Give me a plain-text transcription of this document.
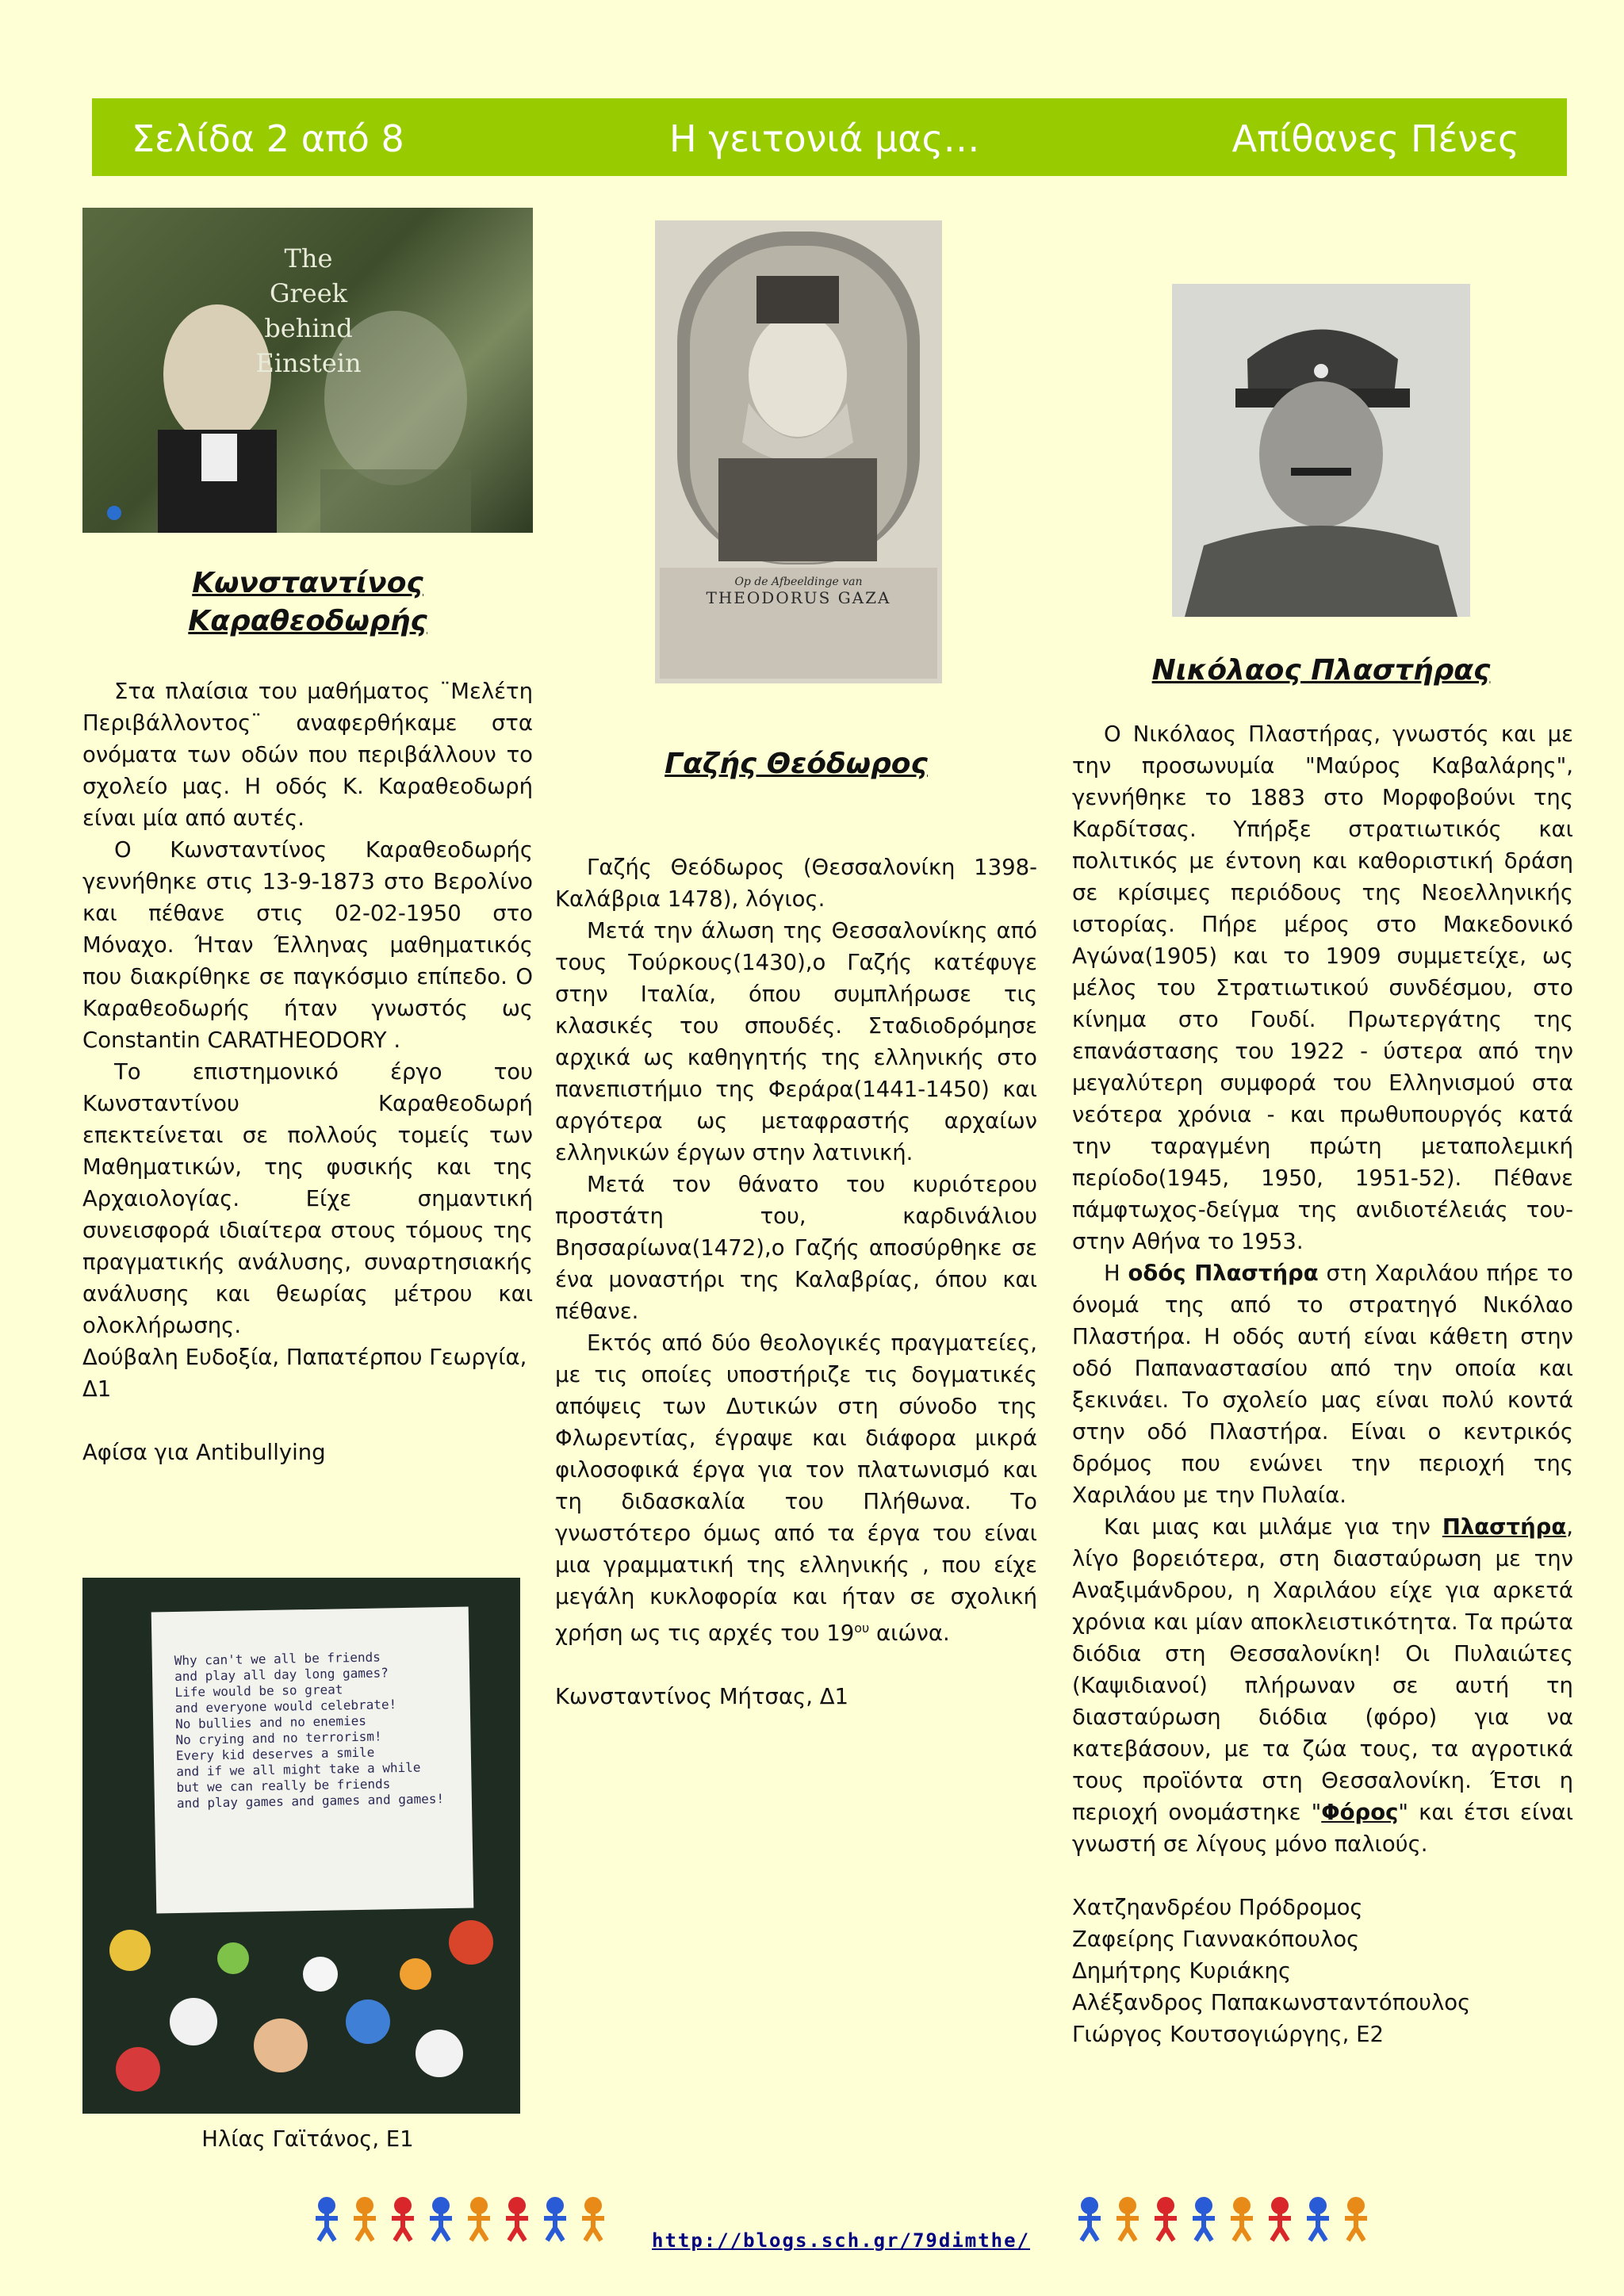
Σελίδα 2 από 8	Η γειτονιά μας…	Απίθανες Πένες
The Greek
behind
Einstein
Κωνσταντίνος
Καραθεοδωρής

Στα πλαίσια του μαθήματος ¨Μελέτη Περιβάλλοντος¨ αναφερθήκαμε στα ονόματα των οδών που περιβάλλουν το σχολείο μας. Η οδός Κ. Καραθεοδωρή είναι μία από αυτές.

Ο Κωνσταντίνος Καραθεοδωρής γεννήθηκε στις 13-9-1873 στο Βερολίνο και πέθανε στις 02-02-1950 στο Μόναχο. Ήταν Έλληνας μαθηματικός που διακρίθηκε σε παγκόσμιο επίπεδο. Ο Καραθεοδωρής ήταν γνωστός ως Constantin CARATHEODORY .

Το επιστημονικό έργο του Κωνσταντίνου Καραθεοδωρή επεκτείνεται σε πολλούς τομείς των Μαθηματικών, της φυσικής και της Αρχαιολογίας. Είχε σημαντική συνεισφορά ιδιαίτερα στους τόμους της πραγματικής ανάλυσης, συναρτησιακής ανάλυσης και θεωρίας μέτρου και ολοκλήρωσης.

Δούβαλη Ευδοξία, Παπατέρπου Γεωργία, Δ1

Αφίσα για Antibullying

Why can't we all be friends
and play all day long games?
Life would be so great
and everyone would celebrate!
No bullies and no enemies
No crying and no terrorism!
Every kid deserves a smile
and if we all might take a while
but we can really be friends
and play games and games and games!
Ηλίας Γαϊτάνος, Ε1
Op de Afbeeldinge van
THEODORUS GAZA
Γαζής Θεόδωρος

Γαζής Θεόδωρος (Θεσσαλονίκη 1398-Καλάβρια 1478), λόγιος.

Μετά την άλωση της Θεσσαλονίκης από τους Τούρκους(1430),ο Γαζής κατέφυγε στην Ιταλία, όπου συμπλήρωσε τις κλασικές του σπουδές. Σταδιοδρόμησε αρχικά ως καθηγητής της ελληνικής στο πανεπιστήμιο της Φεράρα(1441-1450) και αργότερα ως μεταφραστής αρχαίων ελληνικών έργων στην λατινική.

Μετά τον θάνατο του κυριότερου προστάτη του, καρδινάλιου Βησσαρίωνα(1472),ο Γαζής αποσύρθηκε σε ένα μοναστήρι της Καλαβρίας, όπου και πέθανε.

Εκτός από δύο θεολογικές πραγματείες, με τις οποίες υποστήριζε τις δογματικές απόψεις των Δυτικών στη σύνοδο της Φλωρεντίας, έγραψε και διάφορα μικρά φιλοσοφικά έργα για τον πλατωνισμό και τη διδασκαλία του Πλήθωνα. Το γνωστότερο όμως από τα έργα του είναι μια γραμματική της ελληνικής , που είχε μεγάλη κυκλοφορία και ήταν σε σχολική χρήση ως τις αρχές του $19^{o\upsilon}$ αιώνα.

Κωνσταντίνος Μήτσας, Δ1

Νικόλαος Πλαστήρας

Ο Νικόλαος Πλαστήρας, γνωστός και με την προσωνυμία "Μαύρος Καβαλάρης", γεννήθηκε το 1883 στο Μορφοβούνι της Καρδίτσας. Υπήρξε στρατιωτικός και πολιτικός με έντονη και καθοριστική δράση σε κρίσιμες περιόδους της Νεοελληνικής ιστορίας. Πήρε μέρος στο Μακεδονικό Αγώνα(1905) και το 1909 συμμετείχε, ως μέλος του Στρατιωτικού συνδέσμου, στο κίνημα στο Γουδί. Πρωτεργάτης της επανάστασης του 1922 - ύστερα από την μεγαλύτερη συμφορά του Ελληνισμού στα νεότερα χρόνια - και πρωθυπουργός κατά την ταραγμένη πρώτη μεταπολεμική περίοδο(1945, 1950, 1951-52). Πέθανε πάμφτωχος-δείγμα της ανιδιοτέλειάς του- στην Αθήνα το 1953.

Η οδός Πλαστήρα στη Χαριλάου πήρε το όνομά της από το στρατηγό Νικόλαο Πλαστήρα. Η οδός αυτή είναι κάθετη στην οδό Παπαναστασίου από την οποία και ξεκινάει. Το σχολείο μας είναι πολύ κοντά στην οδό Πλαστήρα. Είναι ο κεντρικός δρόμος που ενώνει την περιοχή της Χαριλάου με την Πυλαία.

Και μιας και μιλάμε για την Πλαστήρα, λίγο βορειότερα, στη διασταύρωση με την Αναξιμάνδρου, η Χαριλάου είχε για αρκετά χρόνια και μίαν αποκλειστικότητα. Τα πρώτα διόδια στη Θεσσαλονίκη! Οι Πυλαιώτες (Καψιδιανοί) πλήρωναν σε αυτή τη διασταύρωση διόδια (φόρο) για να κατεβάσουν, με τα ζώα τους, τα αγροτικά τους προϊόντα στη Θεσσαλονίκη. Έτσι η περιοχή ονομάστηκε "Φόρος" και έτσι είναι γνωστή σε λίγους μόνο παλιούς.

Χατζηανδρέου Πρόδρομος

Ζαφείρης Γιαννακόπουλος

Δημήτρης Κυριάκης

Αλέξανδρος Παπακωνσταντόπουλος

Γιώργος Κουτσογιώργης, Ε2

http://blogs.sch.gr/79dimthe/
